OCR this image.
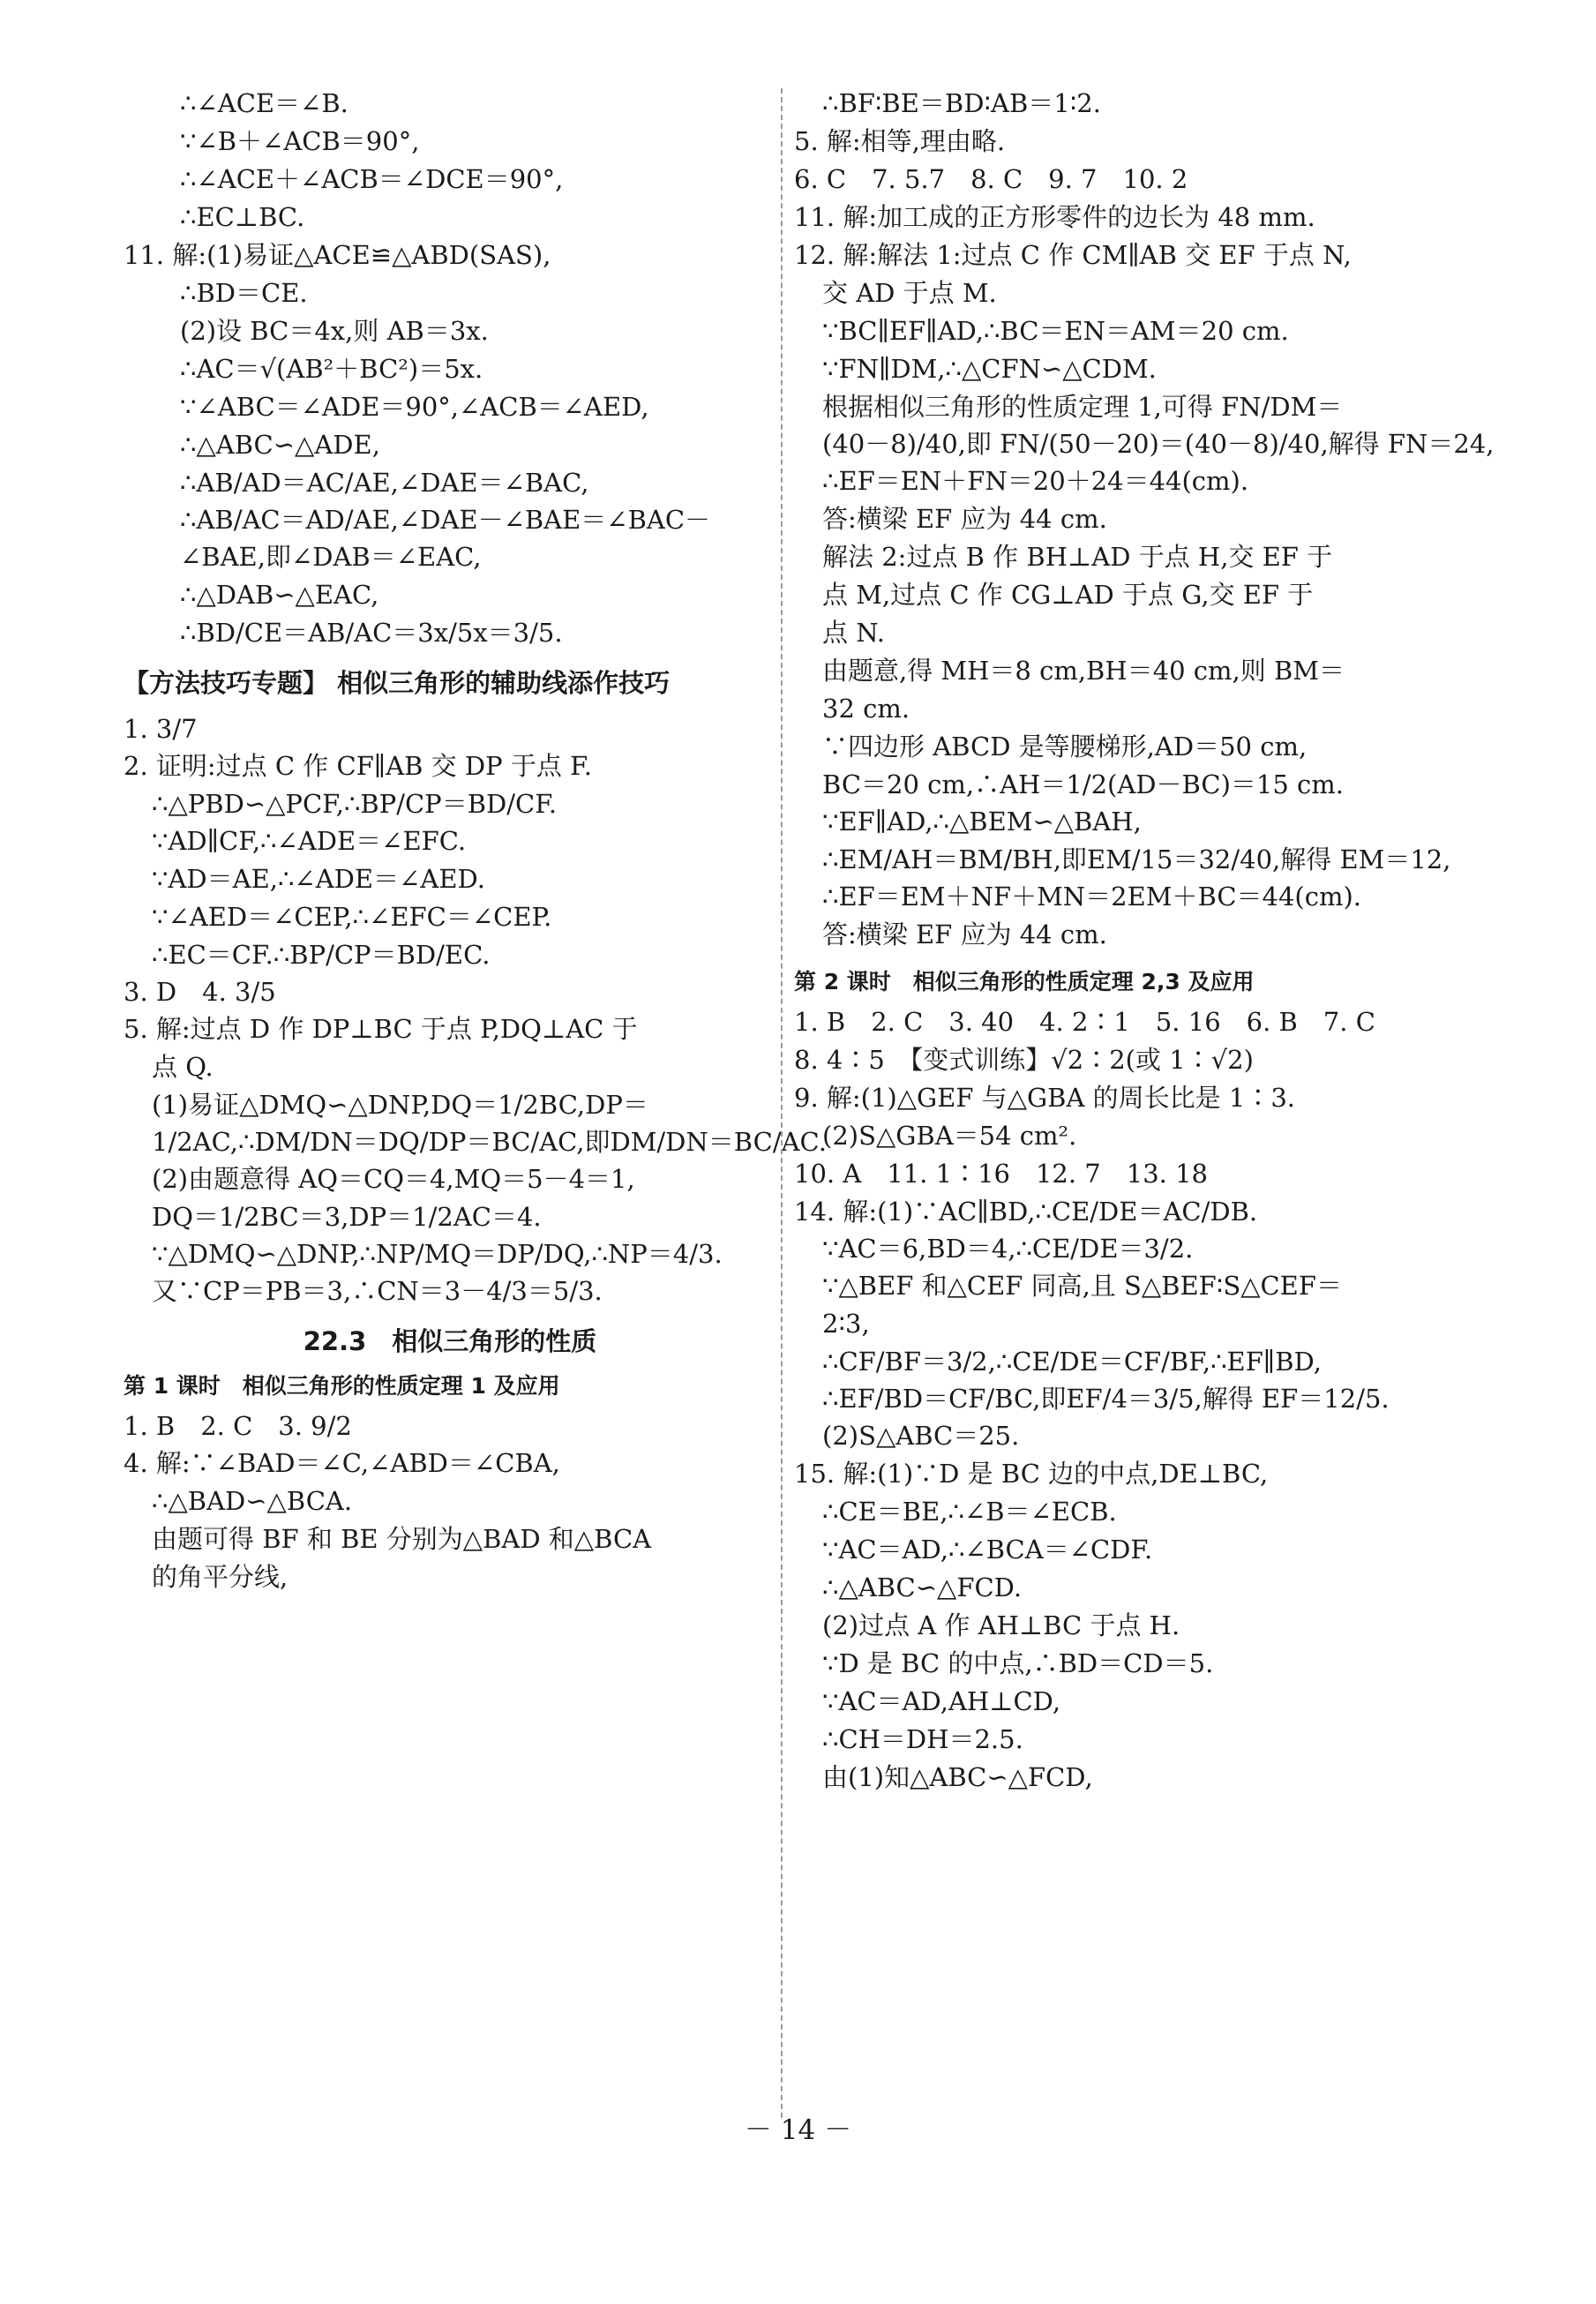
∴∠ACE＝∠B.
∵∠B＋∠ACB＝90°,
∴∠ACE＋∠ACB＝∠DCE＝90°,
∴EC⊥BC.
11. 解:(1)易证△ACE≌△ABD(SAS),
∴BD＝CE.
(2)设 BC＝4x,则 AB＝3x.
∴AC＝√(AB²＋BC²)＝5x.
∵∠ABC＝∠ADE＝90°,∠ACB＝∠AED,
∴△ABC∽△ADE,
∴AB/AD＝AC/AE,∠DAE＝∠BAC,
∴AB/AC＝AD/AE,∠DAE－∠BAE＝∠BAC－
∠BAE,即∠DAB＝∠EAC,
∴△DAB∽△EAC,
∴BD/CE＝AB/AC＝3x/5x＝3/5.
【方法技巧专题】 相似三角形的辅助线添作技巧
1. 3/7
2. 证明:过点 C 作 CF∥AB 交 DP 于点 F.
∴△PBD∽△PCF,∴BP/CP＝BD/CF.
∵AD∥CF,∴∠ADE＝∠EFC.
∵AD＝AE,∴∠ADE＝∠AED.
∵∠AED＝∠CEP,∴∠EFC＝∠CEP.
∴EC＝CF.∴BP/CP＝BD/EC.
3. D　4. 3/5
5. 解:过点 D 作 DP⊥BC 于点 P,DQ⊥AC 于
点 Q.
(1)易证△DMQ∽△DNP,DQ＝1/2BC,DP＝
1/2AC,∴DM/DN＝DQ/DP＝BC/AC,即DM/DN＝BC/AC.
(2)由题意得 AQ＝CQ＝4,MQ＝5－4＝1,
DQ＝1/2BC＝3,DP＝1/2AC＝4.
∵△DMQ∽△DNP,∴NP/MQ＝DP/DQ,∴NP＝4/3.
又∵CP＝PB＝3,∴CN＝3－4/3＝5/3.
22.3　相似三角形的性质
第 1 课时　相似三角形的性质定理 1 及应用
1. B　2. C　3. 9/2
4. 解:∵∠BAD＝∠C,∠ABD＝∠CBA,
∴△BAD∽△BCA.
由题可得 BF 和 BE 分别为△BAD 和△BCA
的角平分线,
∴BF∶BE＝BD∶AB＝1∶2.
5. 解:相等,理由略.
6. C　7. 5.7　8. C　9. 7　10. 2
11. 解:加工成的正方形零件的边长为 48 mm.
12. 解:解法 1:过点 C 作 CM∥AB 交 EF 于点 N,
交 AD 于点 M.
∵BC∥EF∥AD,∴BC＝EN＝AM＝20 cm.
∵FN∥DM,∴△CFN∽△CDM.
根据相似三角形的性质定理 1,可得 FN/DM＝
(40－8)/40,即 FN/(50－20)＝(40－8)/40,解得 FN＝24,
∴EF＝EN＋FN＝20＋24＝44(cm).
答:横梁 EF 应为 44 cm.
解法 2:过点 B 作 BH⊥AD 于点 H,交 EF 于
点 M,过点 C 作 CG⊥AD 于点 G,交 EF 于
点 N.
由题意,得 MH＝8 cm,BH＝40 cm,则 BM＝
32 cm.
∵四边形 ABCD 是等腰梯形,AD＝50 cm,
BC＝20 cm,∴AH＝1/2(AD－BC)＝15 cm.
∵EF∥AD,∴△BEM∽△BAH,
∴EM/AH＝BM/BH,即EM/15＝32/40,解得 EM＝12,
∴EF＝EM＋NF＋MN＝2EM＋BC＝44(cm).
答:横梁 EF 应为 44 cm.
第 2 课时　相似三角形的性质定理 2,3 及应用
1. B　2. C　3. 40　4. 2∶1　5. 16　6. B　7. C
8. 4∶5　【变式训练】√2∶2(或 1∶√2)
9. 解:(1)△GEF 与△GBA 的周长比是 1∶3.
(2)S△GBA＝54 cm².
10. A　11. 1∶16　12. 7　13. 18
14. 解:(1)∵AC∥BD,∴CE/DE＝AC/DB.
∵AC＝6,BD＝4,∴CE/DE＝3/2.
∵△BEF 和△CEF 同高,且 S△BEF∶S△CEF＝
2∶3,
∴CF/BF＝3/2,∴CE/DE＝CF/BF,∴EF∥BD,
∴EF/BD＝CF/BC,即EF/4＝3/5,解得 EF＝12/5.
(2)S△ABC＝25.
15. 解:(1)∵D 是 BC 边的中点,DE⊥BC,
∴CE＝BE,∴∠B＝∠ECB.
∵AC＝AD,∴∠BCA＝∠CDF.
∴△ABC∽△FCD.
(2)过点 A 作 AH⊥BC 于点 H.
∵D 是 BC 的中点,∴BD＝CD＝5.
∵AC＝AD,AH⊥CD,
∴CH＝DH＝2.5.
由(1)知△ABC∽△FCD,
－ 14 －
